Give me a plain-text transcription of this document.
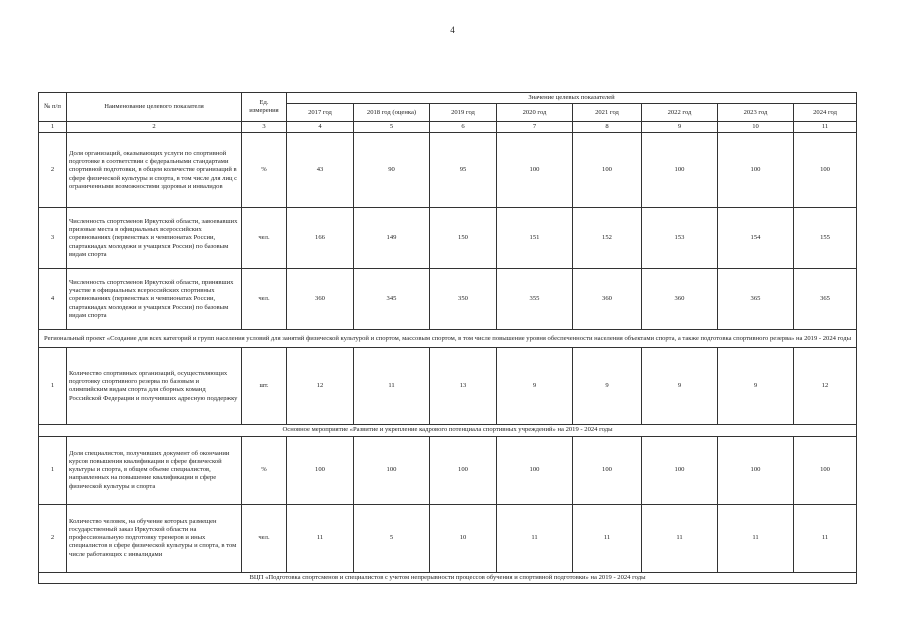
4
№ п/п	Наименование целевого показателя	Ед. измерения	Значение целевых показателей							
			2017 год	2018 год (оценка)	2019 год	2020 год	2021 год	2022 год	2023 год	2024 год
1	2	3	4	5	6	7	8	9	10	11
2	Доля организаций, оказывающих услуги по спортивной подготовке в соответствии с федеральными стандартами спортивной подготовки, в общем количестве организаций в сфере физической культуры и спорта, в том числе для лиц с ограниченными возможностями здоровья и инвалидов	%	43	90	95	100	100	100	100	100
3	Численность спортсменов Иркутской области, завоевавших призовые места в официальных всероссийских соревнованиях (первенствах и чемпионатах России, спартакиадах молодежи и учащихся России) по базовым видам спорта	чел.	166	149	150	151	152	153	154	155
4	Численность спортсменов Иркутской области, принявших участие в официальных всероссийских спортивных соревнованиях (первенствах и чемпионатах России, спартакиадах молодежи и учащихся России) по базовым видам спорта	чел.	360	345	350	355	360	360	365	365
Региональный проект «Создание для всех категорий и групп населения условий для занятий физической культурой и спортом, массовым спортом, в том числе повышение уровня обеспеченности населения объектами спорта, а также подготовка спортивного резерва» на 2019 - 2024 годы										
1	Количество спортивных организаций, осуществляющих подготовку спортивного резерва по базовым и олимпийским видам спорта для сборных команд Российской Федерации и получивших адресную поддержку	шт.	12	11	13	9	9	9	9	12
Основное мероприятие «Развитие и укрепление кадрового потенциала спортивных учреждений» на 2019 - 2024 годы										
1	Доля специалистов, получивших документ об окончании курсов повышения квалификации в сфере физической культуры и спорта, в общем объеме специалистов, направленных на повышение квалификации в сфере физической культуры и спорта	%	100	100	100	100	100	100	100	100
2	Количество человек, на обучение которых размещен государственный заказ Иркутской области на профессиональную подготовку тренеров и иных специалистов в сфере физической культуры и спорта, в том числе работающих с инвалидами	чел.	11	5	10	11	11	11	11	11
ВЦП «Подготовка спортсменов и специалистов с учетом непрерывности процессов обучения и спортивной подготовки» на 2019 - 2024 годы										
